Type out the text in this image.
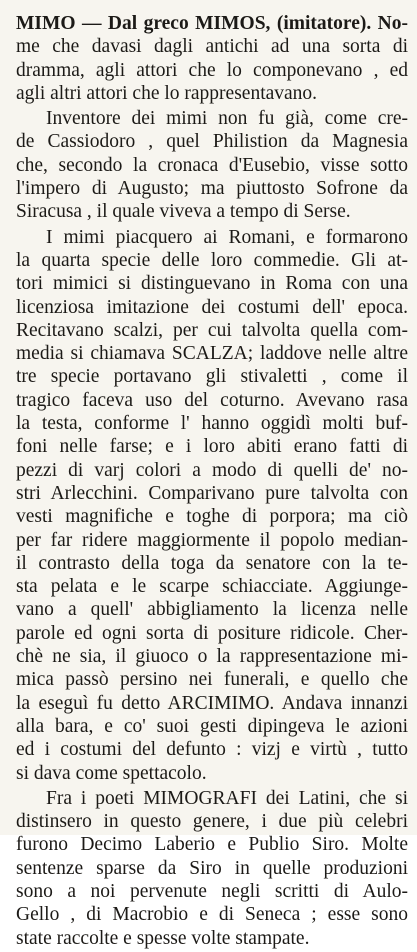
MIMO — Dal greco MIMOS, (imitatore). No-
me che davasi dagli antichi ad una sorta di
dramma, agli attori che lo componevano , ed
agli altri attori che lo rappresentavano.
Inventore dei mimi non fu già, come cre-
de Cassiodoro , quel Philistion da Magnesia
che, secondo la cronaca d'Eusebio, visse sotto
l'impero di Augusto; ma piuttosto Sofrone da
Siracusa , il quale viveva a tempo di Serse.
I mimi piacquero ai Romani, e formarono
la quarta specie delle loro commedie. Gli at-
tori mimici si distinguevano in Roma con una
licenziosa imitazione dei costumi dell' epoca.
Recitavano scalzi, per cui talvolta quella com-
media si chiamava SCALZA; laddove nelle altre
tre specie portavano gli stivaletti , come il
tragico faceva uso del coturno. Avevano rasa
la testa, conforme l' hanno oggidì molti buf-
foni nelle farse; e i loro abiti erano fatti di
pezzi di varj colori a modo di quelli de' no-
stri Arlecchini. Comparivano pure talvolta con
vesti magnifiche e toghe di porpora; ma ciò
per far ridere maggiormente il popolo median-
il contrasto della toga da senatore con la te-
sta pelata e le scarpe schiacciate. Aggiunge-
vano a quell' abbigliamento la licenza nelle
parole ed ogni sorta di positure ridicole. Cher-
chè ne sia, il giuoco o la rappresentazione mi-
mica passò persino nei funerali, e quello che
la eseguì fu detto ARCIMIMO. Andava innanzi
alla bara, e co' suoi gesti dipingeva le azioni
ed i costumi del defunto : vizj e virtù , tutto
si dava come spettacolo.
Fra i poeti MIMOGRAFI dei Latini, che si
distinsero in questo genere, i due più celebri
furono Decimo Laberio e Publio Siro. Molte
sentenze sparse da Siro in quelle produzioni
sono a noi pervenute negli scritti di Aulo-
Gello , di Macrobio e di Seneca ; esse sono
state raccolte e spesse volte stampate.
